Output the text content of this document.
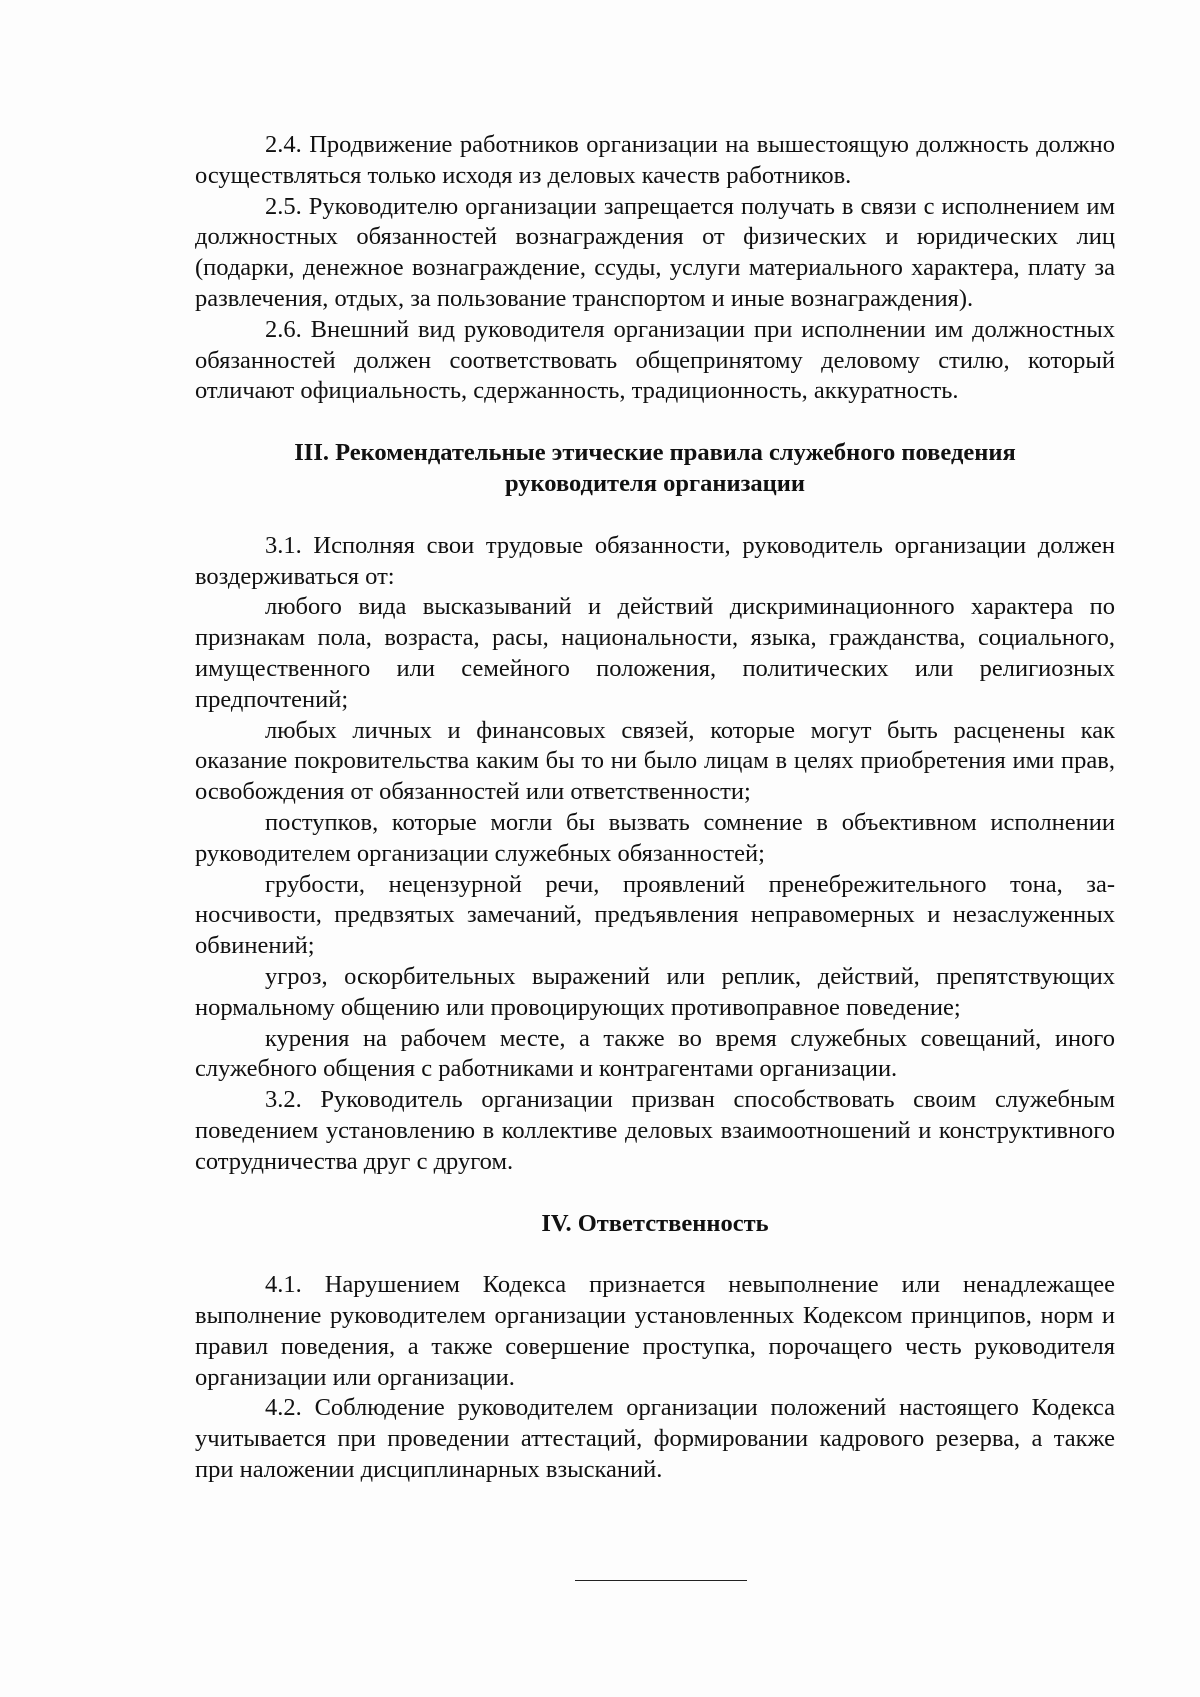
2.4. Продвижение работников организации на вышестоящую должность должно осуществляться только исходя из деловых качеств работников.

2.5. Руководителю организации запрещается получать в связи с исполнением им должностных обязанностей вознаграждения от физических и юридических лиц (подарки, денежное вознаграждение, ссуды, услуги материального характера, плату за развлечения, отдых, за пользование транспортом и иные вознаграждения).

2.6. Внешний вид руководителя организации при исполнении им должностных обязанностей должен соответствовать общепринятому деловому стилю, который отличают официальность, сдержанность, традиционность, аккуратность.

III. Рекомендательные этические правила служебного поведения
руководителя организации

3.1. Исполняя свои трудовые обязанности, руководитель организации должен воздерживаться от:

любого вида высказываний и действий дискриминационного характера по признакам пола, возраста, расы, национальности, языка, гражданства, социального, имущественного или семейного положения, политических или религиозных предпочтений;

любых личных и финансовых связей, которые могут быть расценены как оказание покровительства каким бы то ни было лицам в целях приобретения ими прав, освобождения от обязанностей или ответственности;

поступков, которые могли бы вызвать сомнение в объективном исполнении руководителем организации служебных обязанностей;

грубости, нецензурной речи, проявлений пренебрежительного тона, заносчивости, предвзятых замечаний, предъявления неправомерных и незаслуженных обвинений;

угроз, оскорбительных выражений или реплик, действий, препятствующих нормальному общению или провоцирующих противоправное поведение;

курения на рабочем месте, а также во время служебных совещаний, иного служебного общения с работниками и контрагентами организации.

3.2. Руководитель организации призван способствовать своим служебным поведением установлению в коллективе деловых взаимоотношений и конструктивного сотрудничества друг с другом.

IV. Ответственность

4.1. Нарушением Кодекса признается невыполнение или ненадлежащее выполнение руководителем организации установленных Кодексом принципов, норм и правил поведения, а также совершение проступка, порочащего честь руководителя организации или организации.

4.2. Соблюдение руководителем организации положений настоящего Кодекса учитывается при проведении аттестаций, формировании кадрового резерва, а также при наложении дисциплинарных взысканий.
